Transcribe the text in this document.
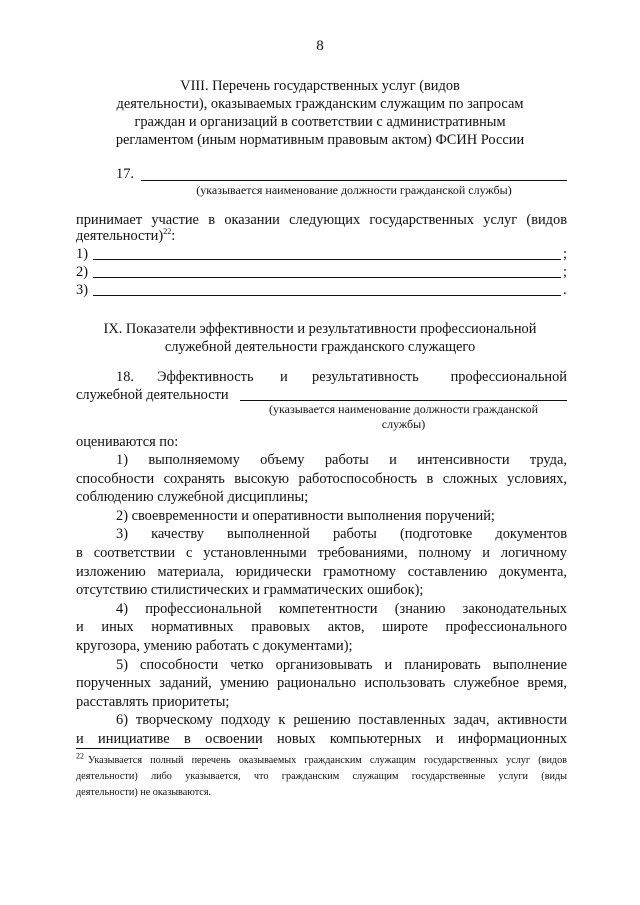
8
VIII. Перечень государственных услуг (видов
деятельности), оказываемых гражданским служащим по запросам
граждан и организаций в соответствии с административным
регламентом (иным нормативным правовым актом) ФСИН России
17.
(указывается наименование должности гражданской службы)
принимает участие в оказании следующих государственных услуг (видов
деятельности)$^{22}$:
1)	;
2)	;
3)	.
IX. Показатели эффективности и результативности профессиональной
служебной деятельности гражданского служащего
18. Эффективность и результативность профессиональной
служебной деятельности
(указывается наименование должности гражданской
службы)
оцениваются по:
1) выполняемому объему работы и интенсивности труда,
способности сохранять высокую работоспособность в сложных условиях,
соблюдению служебной дисциплины;
2) своевременности и оперативности выполнения поручений;
3) качеству выполненной работы (подготовке документов
в соответствии с установленными требованиями, полному и логичному
изложению материала, юридически грамотному составлению документа,
отсутствию стилистических и грамматических ошибок);
4) профессиональной компетентности (знанию законодательных
и иных нормативных правовых актов, широте профессионального
кругозора, умению работать с документами);
5) способности четко организовывать и планировать выполнение
порученных заданий, умению рационально использовать служебное время,
расставлять приоритеты;
6) творческому подходу к решению поставленных задач, активности
и инициативе в освоении новых компьютерных и информационных
$^{22}$ Указывается полный перечень оказываемых гражданским служащим государственных услуг (видов
деятельности) либо указывается, что гражданским служащим государственные услуги (виды
деятельности) не оказываются.
